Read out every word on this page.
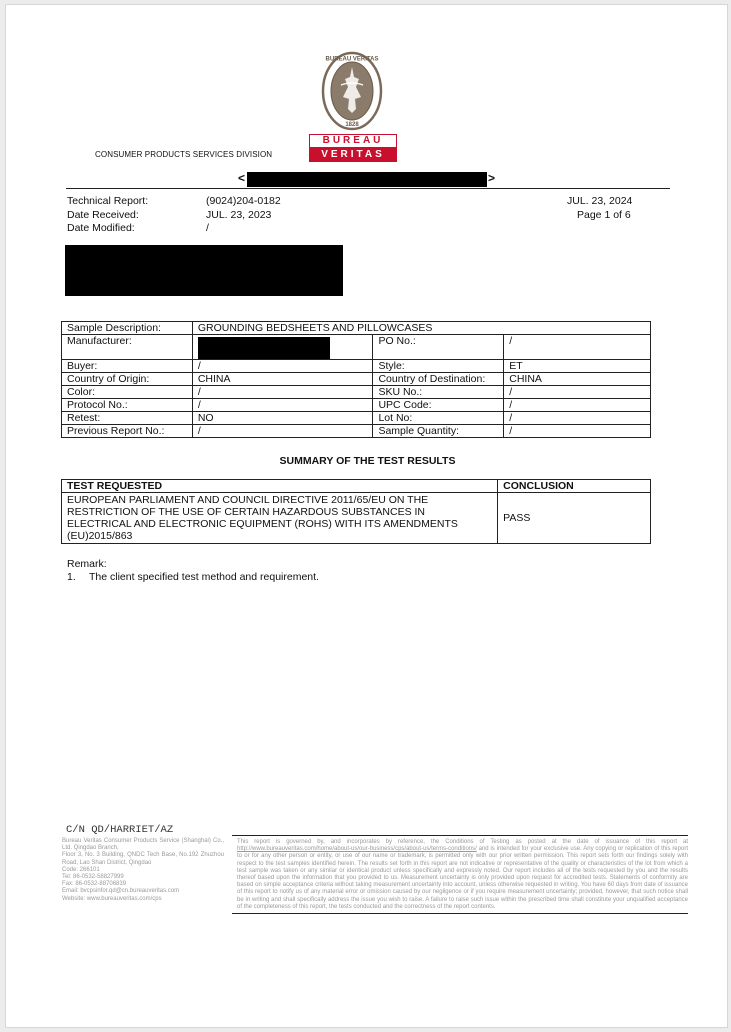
BUREAU VERITAS
1828
BUREAU
VERITAS
CONSUMER PRODUCTS SERVICES DIVISION
<	>
Technical Report:	(9024)204-0182	JUL. 23, 2024
Date Received:	JUL. 23, 2023	Page 1 of 6
Date Modified:	/
Sample Description:	GROUNDING BEDSHEETS AND PILLOWCASES		
Manufacturer:		PO No.:	/
Buyer:	/	Style:	ET
Country of Origin:	CHINA	Country of Destination:	CHINA
Color:	/	SKU No.:	/
Protocol No.:	/	UPC Code:	/
Retest:	NO	Lot No:	/
Previous Report No.:	/	Sample Quantity:	/
SUMMARY OF THE TEST RESULTS
TEST REQUESTED	CONCLUSION
EUROPEAN PARLIAMENT AND COUNCIL DIRECTIVE 2011/65/EU ON THE RESTRICTION OF THE USE OF CERTAIN HAZARDOUS SUBSTANCES IN ELECTRICAL AND ELECTRONIC EQUIPMENT (ROHS) WITH ITS AMENDMENTS (EU)2015/863	PASS
Remark:
1. The client specified test method and requirement.
C/N QD/HARRIET/AZ
Bureau Veritas Consumer Products Service (Shanghai) Co., Ltd. Qingdao Branch,
Floor 3, No. 3 Building, QNDC Tech Base, No.192 Zhuzhou Road, Lao Shan District, Qingdao
Code: 266101
Tel: 86-0532-58827999
Fax: 86-0532-88706839
Email: bvcpsinfor.qd@cn.bureauveritas.com
Website: www.bureauveritas.com/cps
This report is governed by, and incorporates by reference, the Conditions of Testing as posted at the date of issuance of this report at http://www.bureauveritas.com/home/about-us/our-business/cps/about-us/terms-conditions/ and is intended for your exclusive use. Any copying or replication of this report to or for any other person or entity, or use of our name or trademark, is permitted only with our prior written permission. This report sets forth our findings solely with respect to the test samples identified herein. The results set forth in this report are not indicative or representative of the quality or characteristics of the lot from which a test sample was taken or any similar or identical product unless specifically and expressly noted. Our report includes all of the tests requested by you and the results thereof based upon the information that you provided to us. Measurement uncertainty is only provided upon request for accredited tests. Statements of conformity are based on simple acceptance criteria without taking measurement uncertainty into account, unless otherwise requested in writing. You have 60 days from date of issuance of this report to notify us of any material error or omission caused by our negligence or if you require measurement uncertainty; provided, however, that such notice shall be in writing and shall specifically address the issue you wish to raise. A failure to raise such issue within the prescribed time shall constitute your unqualified acceptance of the completeness of this report, the tests conducted and the correctness of the report contents.
